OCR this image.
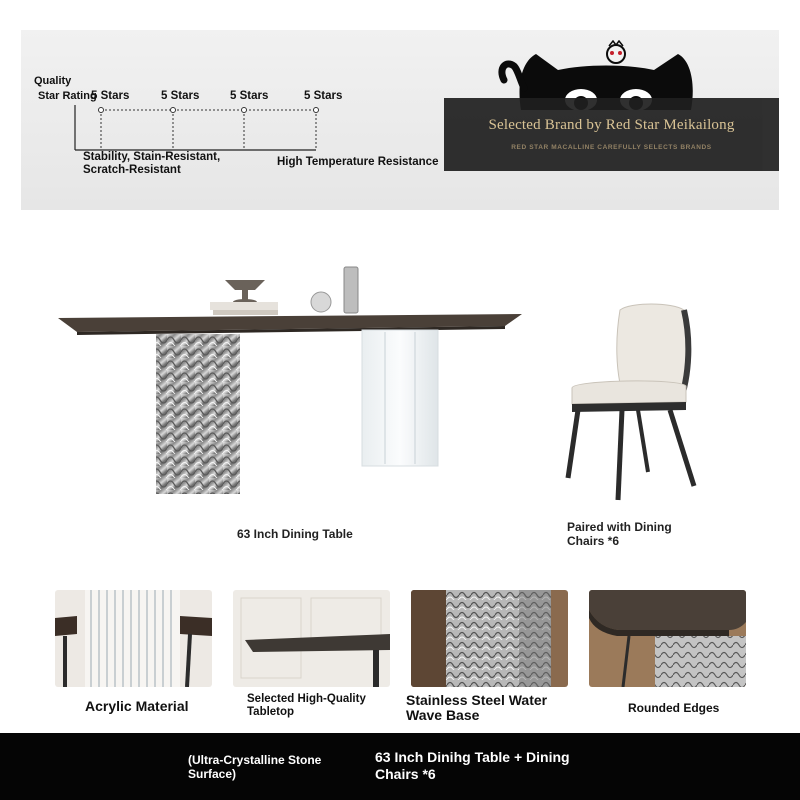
Quality
Star Rating
5 Stars	5 Stars	5 Stars	5 Stars
Stability, Stain-Resistant, Scratch-Resistant
High Temperature Resistance
Selected Brand by Red Star Meikailong
RED STAR MACALLINE CAREFULLY SELECTS BRANDS
63 Inch Dining Table	Paired with Dining Chairs *6
Acrylic Material	Selected High-Quality Tabletop
Stainless Steel Water Wave Base	Rounded Edges
(Ultra-Crystalline Stone Surface)
63 Inch Dinihg Table + Dining Chairs *6
